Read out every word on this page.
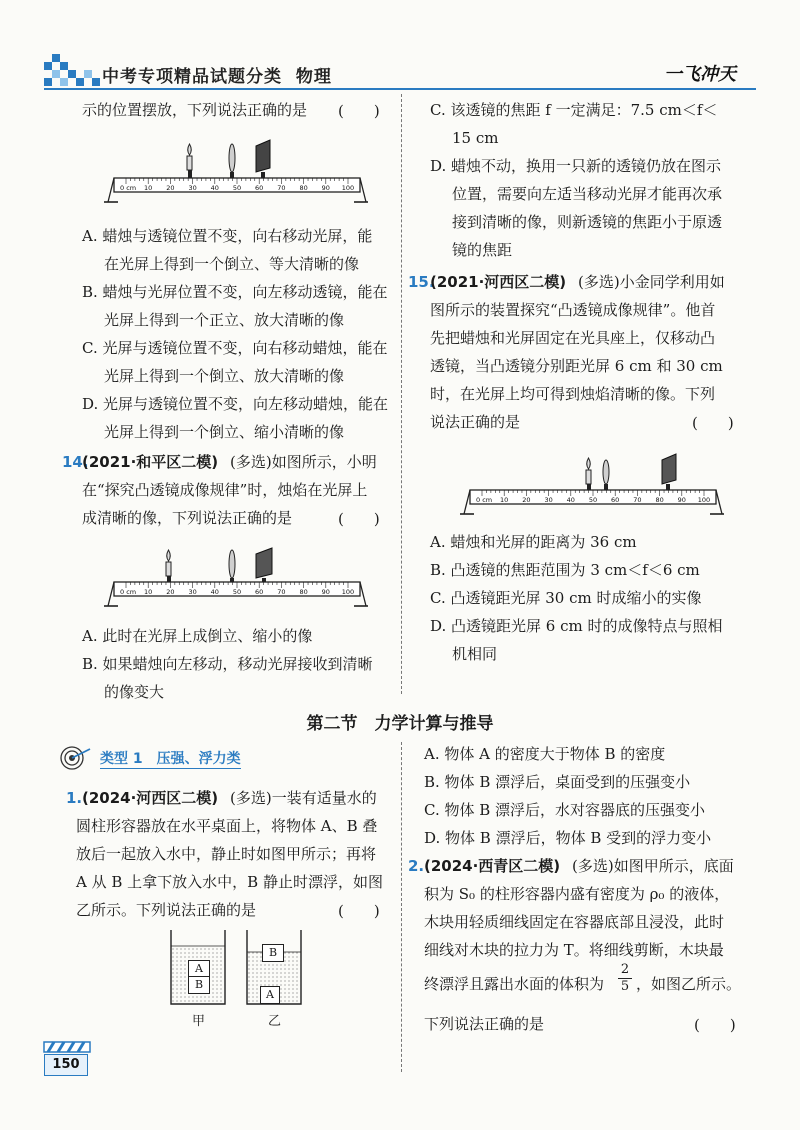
中考专项精品试题分类  物理	一飞冲天
示的位置摆放，下列说法正确的是 (　　)
0 cm 10 20 30 40 50 60 70 80 90 100
A. 蜡烛与透镜位置不变，向右移动光屏，能
在光屏上得到一个倒立、等大清晰的像
B. 蜡烛与光屏位置不变，向左移动透镜，能在
光屏上得到一个正立、放大清晰的像
C. 光屏与透镜位置不变，向右移动蜡烛，能在
光屏上得到一个倒立、放大清晰的像
D. 光屏与透镜位置不变，向左移动蜡烛，能在
光屏上得到一个倒立、缩小清晰的像
14.
(2021·和平区二模) (多选)如图所示，小明
在“探究凸透镜成像规律”时，烛焰在光屏上
成清晰的像，下列说法正确的是	(　　)
0 cm 10 20 30 40 50 60 70 80 90 100
A. 此时在光屏上成倒立、缩小的像
B. 如果蜡烛向左移动，移动光屏接收到清晰
的像变大
C. 该透镜的焦距 f 一定满足：7.5 cm＜f＜
15 cm
D. 蜡烛不动，换用一只新的透镜仍放在图示
位置，需要向左适当移动光屏才能再次承
接到清晰的像，则新透镜的焦距小于原透
镜的焦距
15.
(2021·河西区二模) (多选)小金同学利用如
图所示的装置探究“凸透镜成像规律”。他首
先把蜡烛和光屏固定在光具座上，仅移动凸
透镜，当凸透镜分别距光屏 6 cm 和 30 cm
时，在光屏上均可得到烛焰清晰的像。下列
说法正确的是	(　　)
0 cm 10 20 30 40 50 60 70 80 90 100
A. 蜡烛和光屏的距离为 36 cm
B. 凸透镜的焦距范围为 3 cm＜f＜6 cm
C. 凸透镜距光屏 30 cm 时成缩小的实像
D. 凸透镜距光屏 6 cm 时的成像特点与照相
机相同
第二节　力学计算与推导
类型 1　压强、浮力类
1. (2024·河西区二模) (多选)一装有适量水的
圆柱形容器放在水平桌面上，将物体 A、B 叠
放后一起放入水中，静止时如图甲所示；再将
A 从 B 上拿下放入水中，B 静止时漂浮，如图
乙所示。下列说法正确的是	(　　)
A
B
甲
B
A
乙
A. 物体 A 的密度大于物体 B 的密度
B. 物体 B 漂浮后，桌面受到的压强变小
C. 物体 B 漂浮后，水对容器底的压强变小
D. 物体 B 漂浮后，物体 B 受到的浮力变小
2. (2024·西青区二模) (多选)如图甲所示，底面
积为 S₀ 的柱形容器内盛有密度为 ρ₀ 的液体，
木块用轻质细线固定在容器底部且浸没，此时
细线对木块的拉力为 T。将细线剪断，木块最
终漂浮且露出水面的体积为 $\frac{2}{5}$ ，如图乙所示。
下列说法正确的是	(　　)
150
